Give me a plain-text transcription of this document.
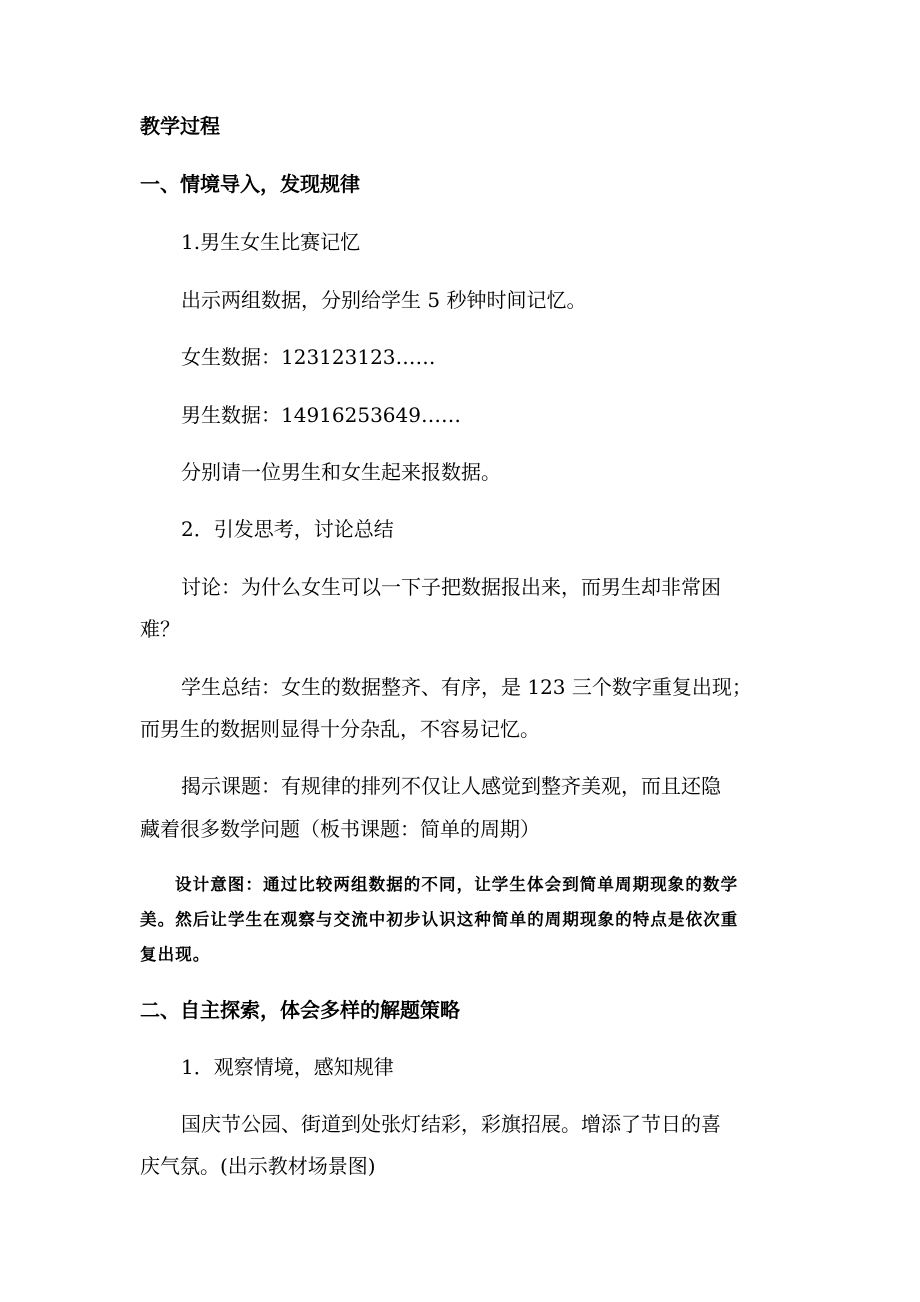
教学过程
一、情境导入，发现规律
1.男生女生比赛记忆
出示两组数据，分别给学生 5 秒钟时间记忆。
女生数据：123123123……
男生数据：14916253649……
分别请一位男生和女生起来报数据。
2．引发思考，讨论总结
讨论：为什么女生可以一下子把数据报出来，而男生却非常困
难？
学生总结：女生的数据整齐、有序，是 123 三个数字重复出现；
而男生的数据则显得十分杂乱，不容易记忆。
揭示课题：有规律的排列不仅让人感觉到整齐美观，而且还隐
藏着很多数学问题（板书课题：简单的周期）
设计意图：通过比较两组数据的不同，让学生体会到简单周期现象的数学
美。然后让学生在观察与交流中初步认识这种简单的周期现象的特点是依次重
复出现。
二、自主探索，体会多样的解题策略
1．观察情境，感知规律
国庆节公园、街道到处张灯结彩，彩旗招展。增添了节日的喜
庆气氛。(出示教材场景图)
